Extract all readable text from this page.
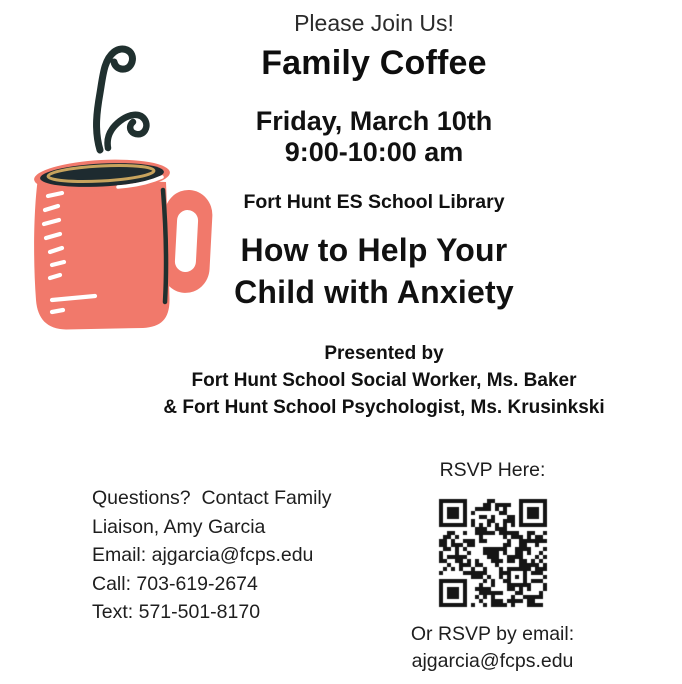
Please Join Us!
Family Coffee
Friday, March 10th
9:00-10:00 am
Fort Hunt ES School Library
How to Help Your
Child with Anxiety
Presented by
Fort Hunt School Social Worker, Ms. Baker
& Fort Hunt School Psychologist, Ms. Krusinkski
Questions?  Contact Family
Liaison, Amy Garcia
Email: ajgarcia@fcps.edu
Call: 703-619-2674
Text: 571-501-8170
RSVP Here:
Or RSVP by email:
ajgarcia@fcps.edu
